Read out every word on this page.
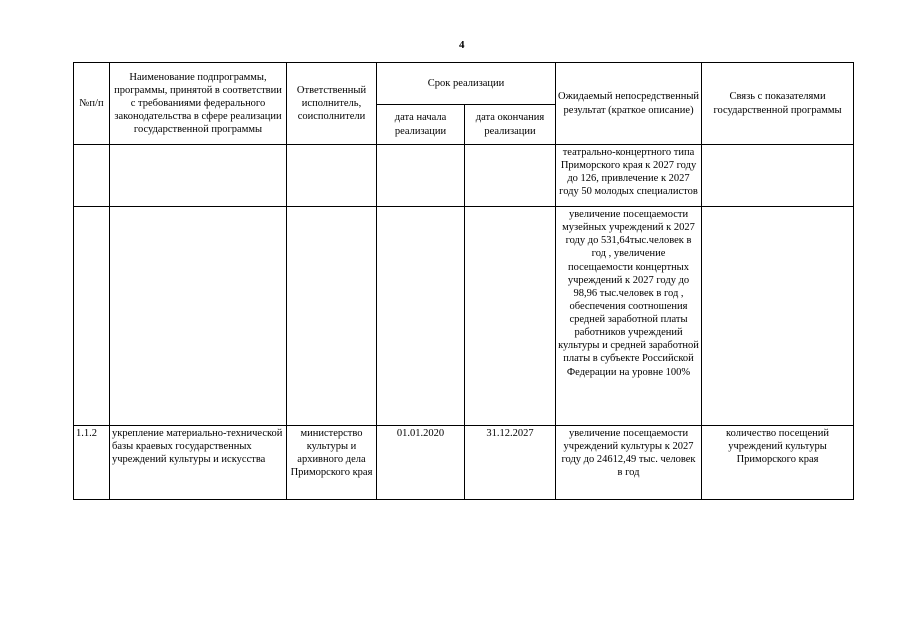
4
№п/п	Наименование подпрограммы, программы, принятой в соответствии с требованиями федерального законодательства в сфере реализации государственной программы	Ответственный исполнитель, соисполнители	Срок реализации		Ожидаемый непосредственный результат (краткое описание)	Связь с показателями государственной программы
			дата начала реализации	дата окончания реализации		
					театрально-концертного типа Приморского края к 2027 году до 126, привлечение к 2027 году 50 молодых специалистов	
					увеличение посещаемости музейных учреждений к 2027 году до 531,64тыс.человек в год , увеличение посещаемости концертных учреждений к 2027 году до 98,96 тыс.человек в год , обеспечения соотношения средней заработной платы работников учреждений культуры и средней заработной платы в субъекте Российской Федерации на уровне 100%	
1.1.2	укрепление материально-технической базы краевых государственных учреждений культуры и искусства	министерство культуры и архивного дела Приморского края	01.01.2020	31.12.2027	увеличение посещаемости учреждений культуры к 2027 году до 24612,49 тыс. человек в год	количество посещений учреждений культуры Приморского края
